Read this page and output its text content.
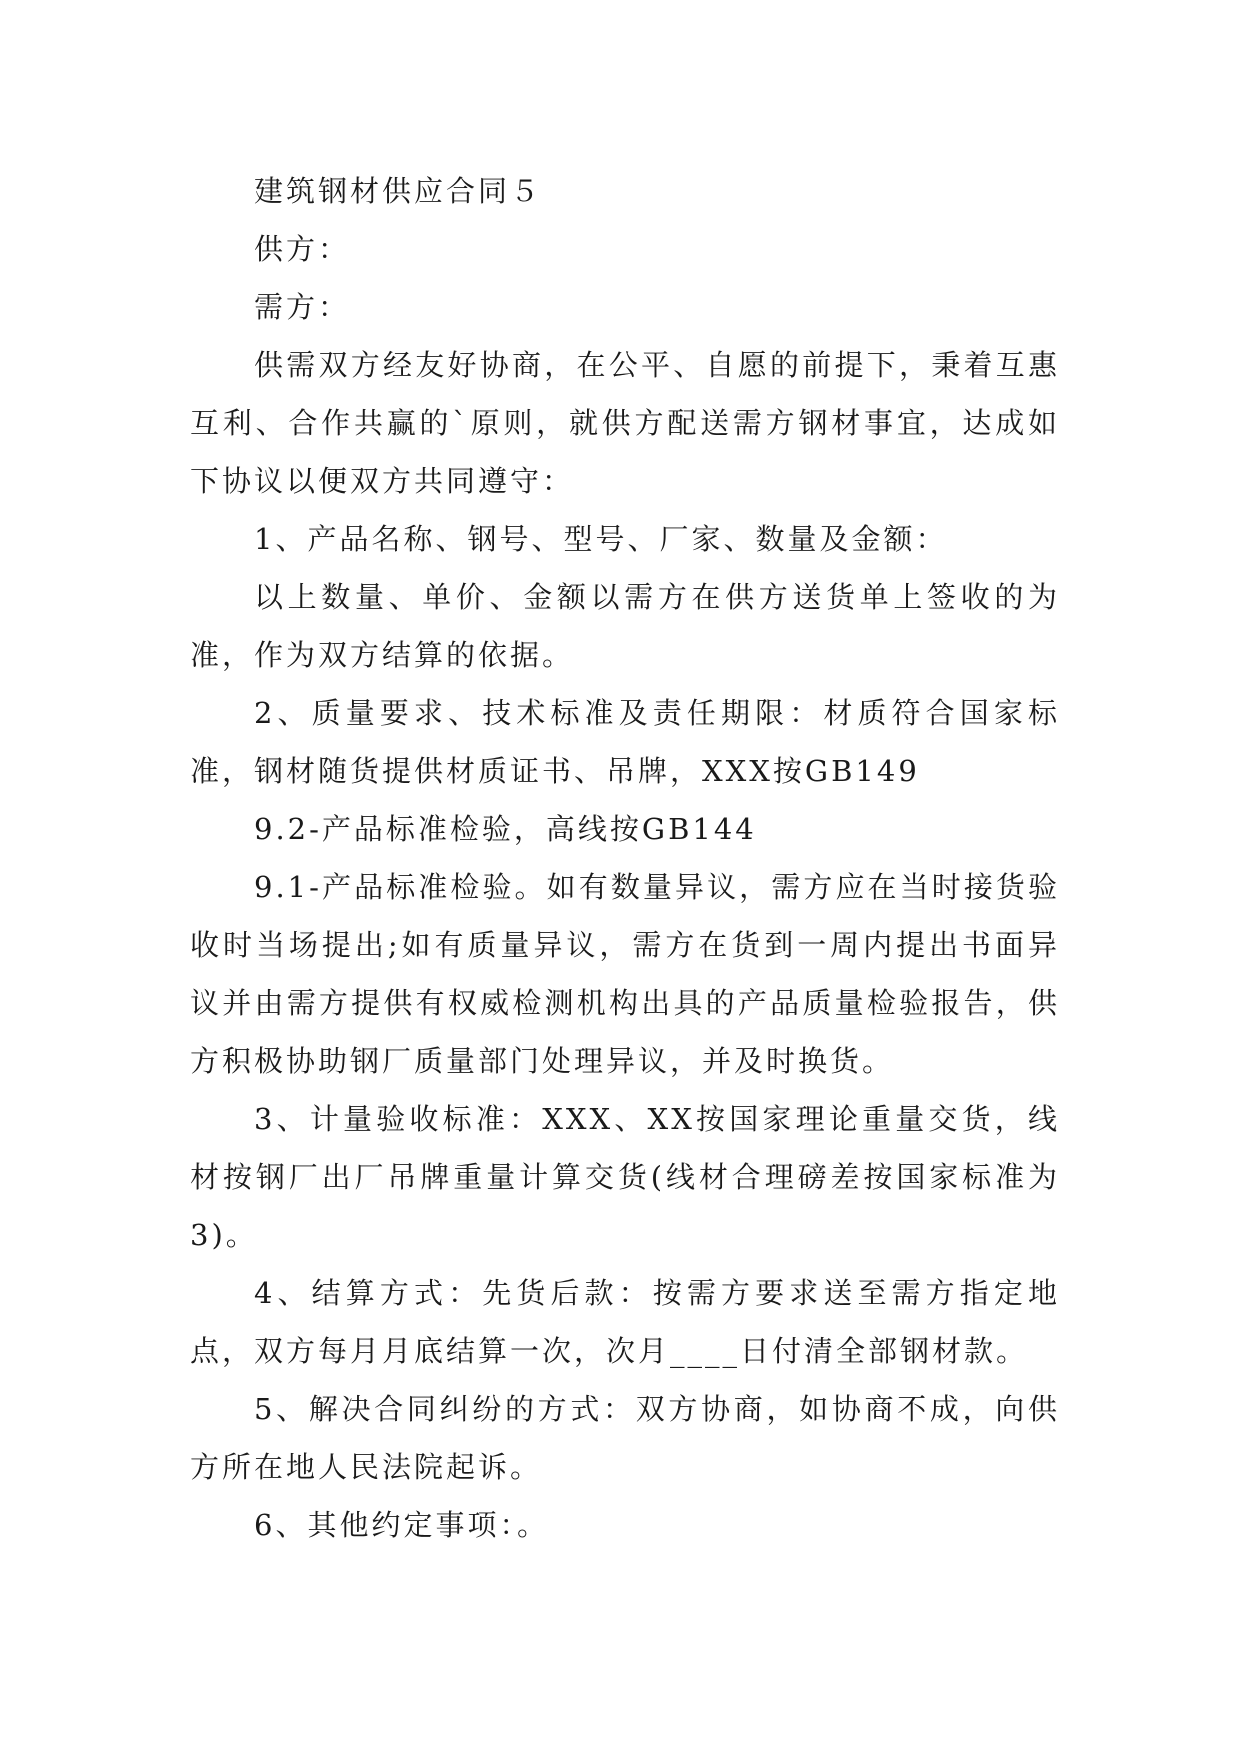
建筑钢材供应合同５

供方：

需方：

供需双方经友好协商，在公平、自愿的前提下，秉着互惠互利、合作共赢的`原则，就供方配送需方钢材事宜，达成如下协议以便双方共同遵守：

1、产品名称、钢号、型号、厂家、数量及金额：

以上数量、单价、金额以需方在供方送货单上签收的为准，作为双方结算的依据。

2、质量要求、技术标准及责任期限：材质符合国家标准，钢材随货提供材质证书、吊牌，XXX按GB149

9.2-产品标准检验，高线按GB144

9.1-产品标准检验。如有数量异议，需方应在当时接货验收时当场提出;如有质量异议，需方在货到一周内提出书面异议并由需方提供有权威检测机构出具的产品质量检验报告，供方积极协助钢厂质量部门处理异议，并及时换货。

3、计量验收标准：XXX、XX按国家理论重量交货，线材按钢厂出厂吊牌重量计算交货(线材合理磅差按国家标准为3)。

4、结算方式：先货后款：按需方要求送至需方指定地点，双方每月月底结算一次，次月____日付清全部钢材款。

5、解决合同纠纷的方式：双方协商，如协商不成，向供方所在地人民法院起诉。

6、其他约定事项：。
